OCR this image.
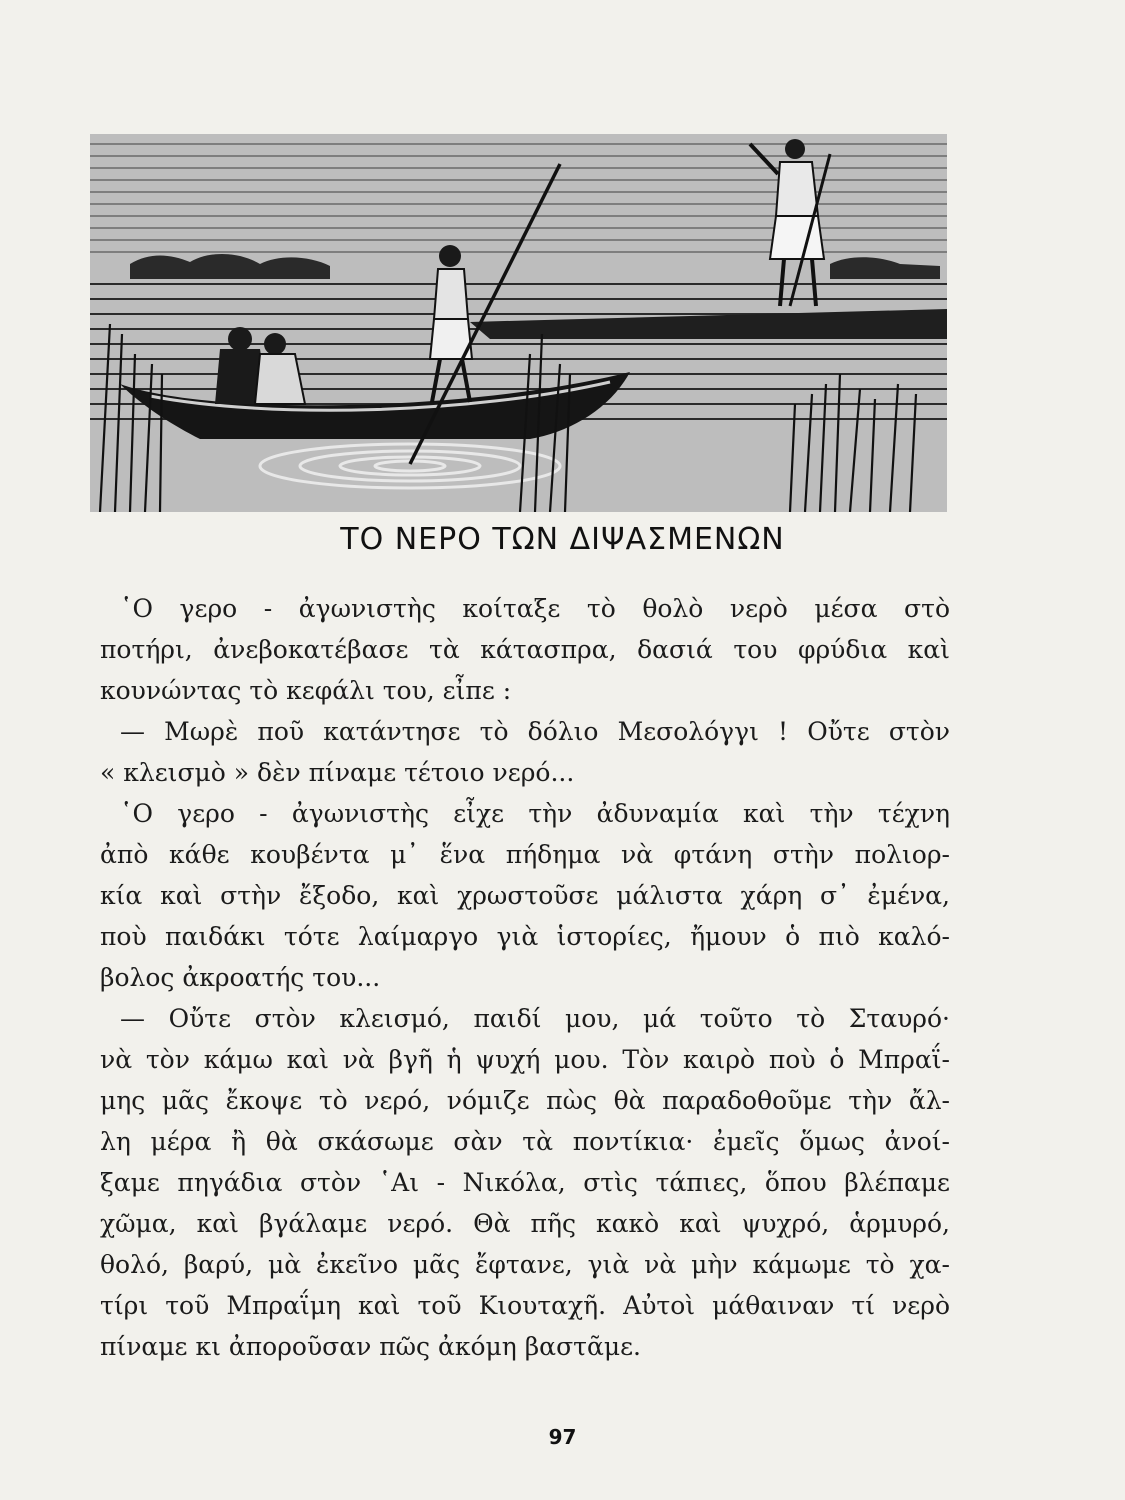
ΤΟ ΝΕΡΟ ΤΩΝ ΔΙΨΑΣΜΕΝΩΝ
῾Ο γερο - ἀγωνιστὴς κοίταξε τὸ θολὸ νερὸ μέσα στὸ
ποτήρι, ἀνεβοκατέβασε τὰ κάτασπρα, δασιά του φρύδια καὶ
κουνώντας τὸ κεφάλι του, εἶπε :
— Μωρὲ ποῦ κατάντησε τὸ δόλιο Μεσολόγγι ! Οὔτε στὸν
« κλεισμὸ » δὲν πίναμε τέτοιο νερό...
῾Ο γερο - ἀγωνιστὴς εἶχε τὴν ἀδυναμία καὶ τὴν τέχνη
ἀπὸ κάθε κουβέντα μ᾿ ἕνα πήδημα νὰ φτάνη στὴν πολιορ-
κία καὶ στὴν ἔξοδο, καὶ χρωστοῦσε μάλιστα χάρη σ᾿ ἐμένα,
ποὺ παιδάκι τότε λαίμαργο γιὰ ἱστορίες, ἤμουν ὁ πιὸ καλό-
βολος ἀκροατής του...
— Οὔτε στὸν κλεισμό, παιδί μου, μά τοῦτο τὸ Σταυρό·
νὰ τὸν κάμω καὶ νὰ βγῆ ἡ ψυχή μου. Τὸν καιρὸ ποὺ ὁ Μπραΐ-
μης μᾶς ἔκοψε τὸ νερό, νόμιζε πὼς θὰ παραδοθοῦμε τὴν ἄλ-
λη μέρα ἢ θὰ σκάσωμε σὰν τὰ ποντίκια· ἐμεῖς ὅμως ἀνοί-
ξαμε πηγάδια στὸν ῾Αι - Νικόλα, στὶς τάπιες, ὅπου βλέπαμε
χῶμα, καὶ βγάλαμε νερό. Θὰ πῆς κακὸ καὶ ψυχρό, ἁρμυρό,
θολό, βαρύ, μὰ ἐκεῖνο μᾶς ἔφτανε, γιὰ νὰ μὴν κάμωμε τὸ χα-
τίρι τοῦ Μπραΐμη καὶ τοῦ Κιουταχῆ. Αὐτοὶ μάθαιναν τί νερὸ
πίναμε κι ἀποροῦσαν πῶς ἀκόμη βαστᾶμε.
97
